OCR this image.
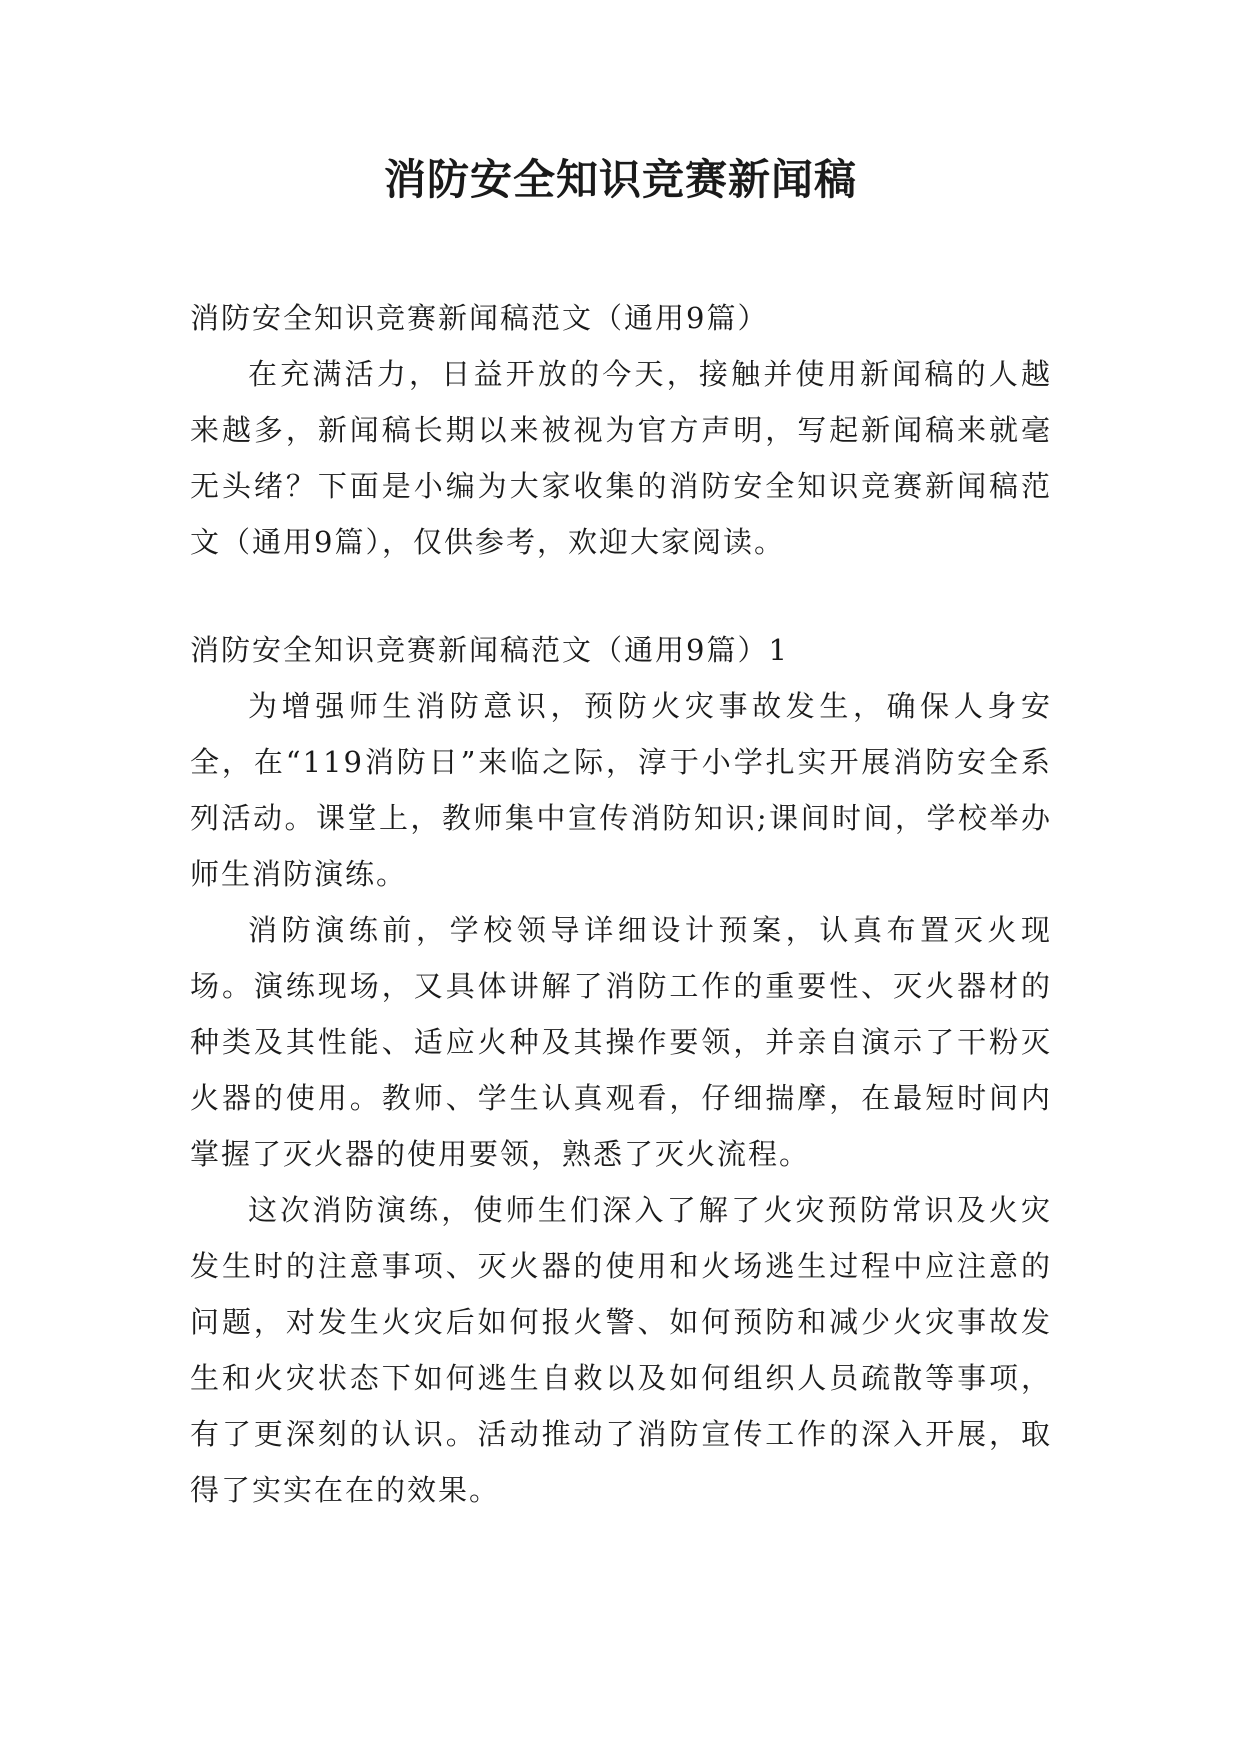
消防安全知识竞赛新闻稿

消防安全知识竞赛新闻稿范文（通用9篇）

在充满活力，日益开放的今天，接触并使用新闻稿的人越来越多，新闻稿长期以来被视为官方声明，写起新闻稿来就毫无头绪？下面是小编为大家收集的消防安全知识竞赛新闻稿范文（通用9篇），仅供参考，欢迎大家阅读。

消防安全知识竞赛新闻稿范文（通用9篇）1

为增强师生消防意识，预防火灾事故发生，确保人身安全，在“119消防日”来临之际，淳于小学扎实开展消防安全系列活动。课堂上，教师集中宣传消防知识;课间时间，学校举办师生消防演练。

消防演练前，学校领导详细设计预案，认真布置灭火现场。演练现场，又具体讲解了消防工作的重要性、灭火器材的种类及其性能、适应火种及其操作要领，并亲自演示了干粉灭火器的使用。教师、学生认真观看，仔细揣摩，在最短时间内掌握了灭火器的使用要领，熟悉了灭火流程。

这次消防演练，使师生们深入了解了火灾预防常识及火灾发生时的注意事项、灭火器的使用和火场逃生过程中应注意的问题，对发生火灾后如何报火警、如何预防和减少火灾事故发生和火灾状态下如何逃生自救以及如何组织人员疏散等事项，有了更深刻的认识。活动推动了消防宣传工作的深入开展，取得了实实在在的效果。
